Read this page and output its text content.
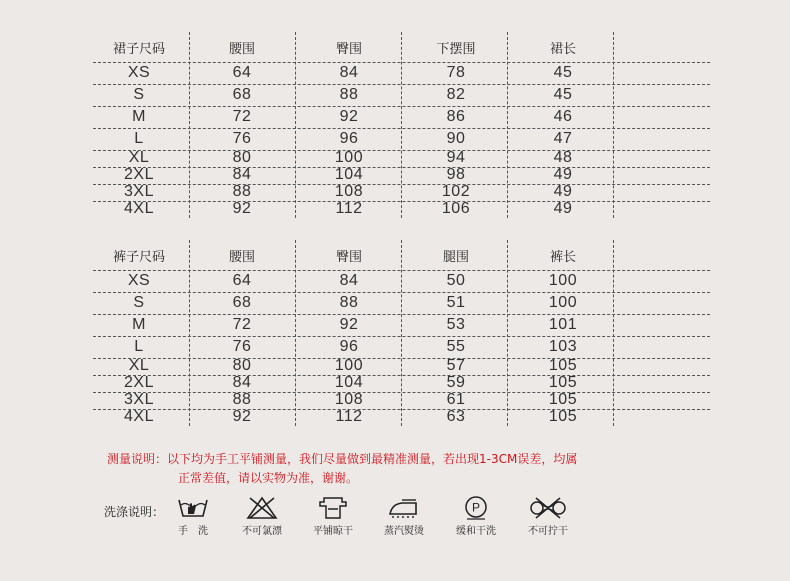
裙子尺码	腰围	臀围	下摆围	裙长
XS	64	84	78	45
S	68	88	82	45
M	72	92	86	46
L	76	96	90	47
XL	80	100	94	48
2XL	84	104	98	49
3XL	88	108	102	49
4XL	92	112	106	49
裤子尺码	腰围	臀围	腿围	裤长
XS	64	84	50	100
S	68	88	51	100
M	72	92	53	101
L	76	96	55	103
XL	80	100	57	105
2XL	84	104	59	105
3XL	88	108	61	105
4XL	92	112	63	105
测量说明：以下均为手工平铺测量，我们尽量做到最精准测量，若出现1-3CM误差，均属
正常差值，请以实物为准，谢谢。
洗涤说明：
手　洗	不可氯漂	平铺晾干	蒸汽熨烫
P
缓和干洗	不可拧干
